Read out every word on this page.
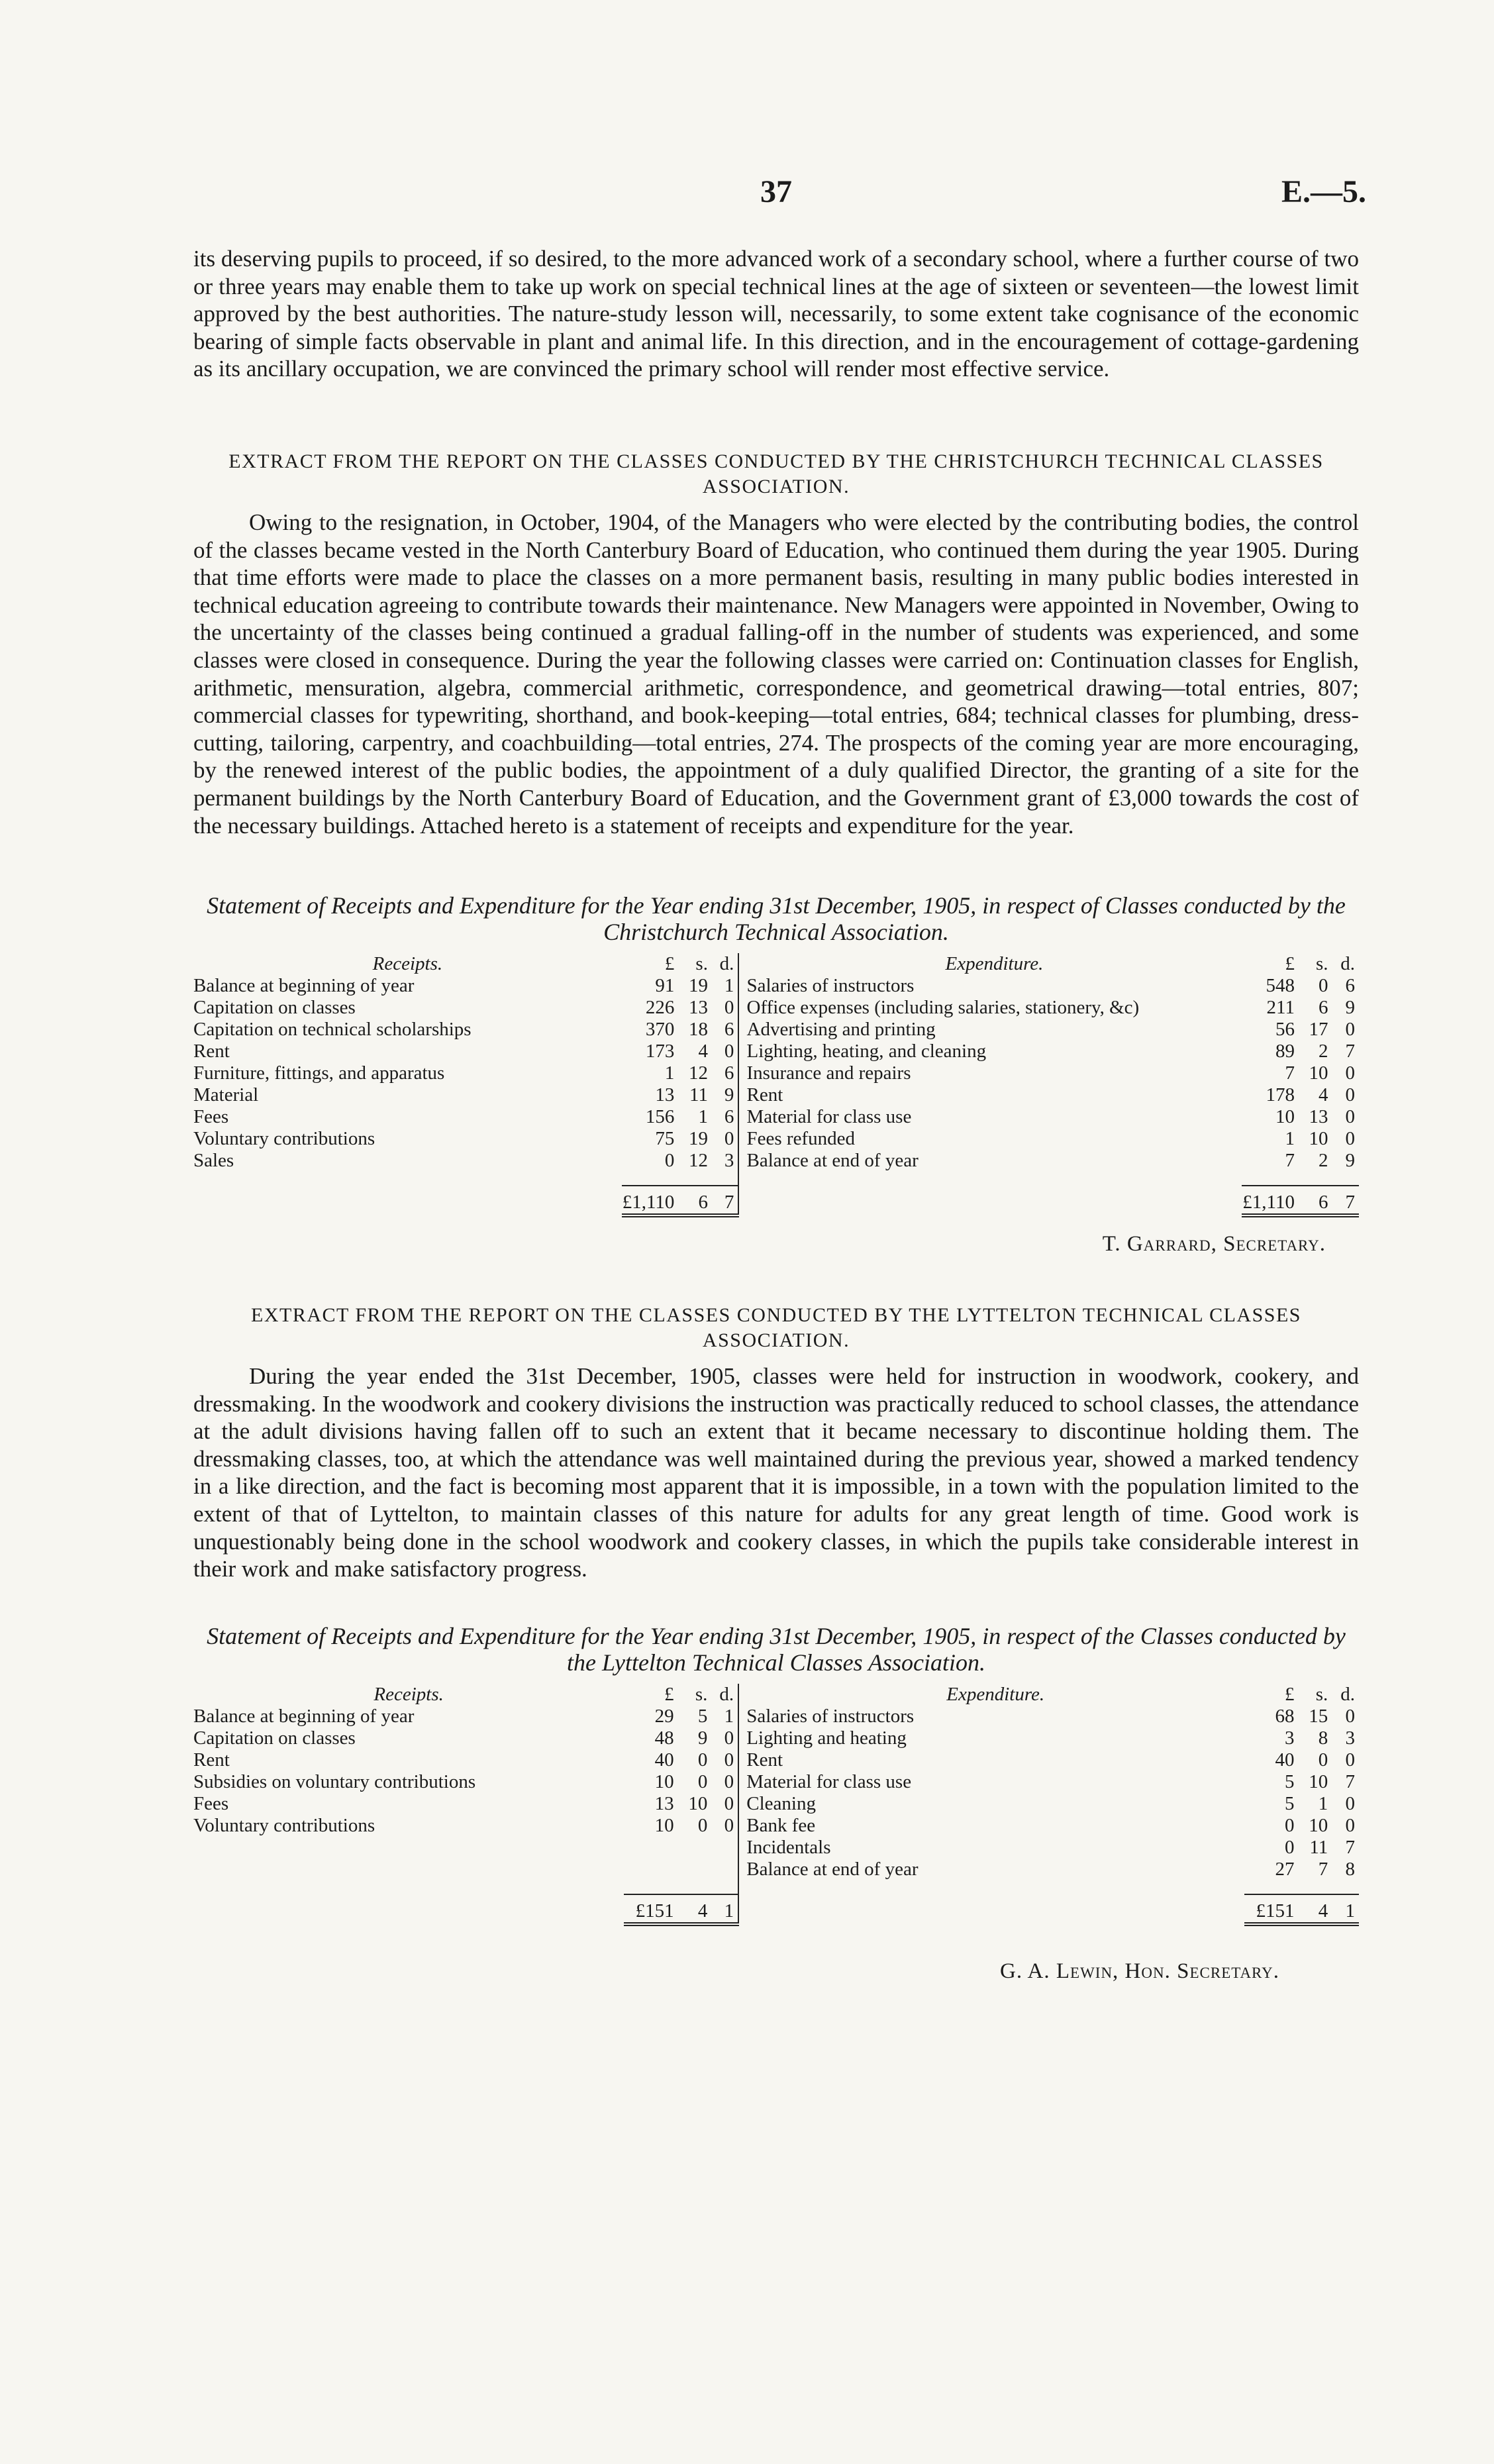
37	E.—5.

its deserving pupils to proceed, if so desired, to the more advanced work of a secondary school, where a further course of two or three years may enable them to take up work on special technical lines at the age of sixteen or seventeen—the lowest limit approved by the best authorities. The nature-study lesson will, necessarily, to some extent take cognisance of the economic bearing of simple facts observable in plant and animal life. In this direction, and in the encouragement of cottage-gardening as its ancillary occupation, we are convinced the primary school will render most effective service.

EXTRACT FROM THE REPORT ON THE CLASSES CONDUCTED BY THE CHRISTCHURCH TECHNICAL CLASSES ASSOCIATION.

Owing to the resignation, in October, 1904, of the Managers who were elected by the contributing bodies, the control of the classes became vested in the North Canterbury Board of Education, who continued them during the year 1905. During that time efforts were made to place the classes on a more permanent basis, resulting in many public bodies interested in technical education agreeing to contribute towards their maintenance. New Managers were appointed in November, Owing to the uncertainty of the classes being continued a gradual falling-off in the number of students was experienced, and some classes were closed in consequence. During the year the following classes were carried on: Continuation classes for English, arithmetic, mensuration, algebra, commercial arithmetic, correspondence, and geometrical drawing—total entries, 807; commercial classes for typewriting, shorthand, and book-keeping—total entries, 684; technical classes for plumbing, dress-cutting, tailoring, carpentry, and coachbuilding—total entries, 274. The prospects of the coming year are more encouraging, by the renewed interest of the public bodies, the appointment of a duly qualified Director, the granting of a site for the permanent buildings by the North Canterbury Board of Education, and the Government grant of £3,000 towards the cost of the necessary buildings. Attached hereto is a statement of receipts and expenditure for the year.

Statement of Receipts and Expenditure for the Year ending 31st December, 1905, in respect of Classes conducted by the Christchurch Technical Association.

Receipts.	£	s.	d.		Expenditure.	£	s.	d.
Balance at beginning of year	91	19	1		Salaries of instructors	548	0	6
Capitation on classes	226	13	0		Office expenses (including salaries, stationery, &c)	211	6	9
Capitation on technical scholarships	370	18	6		Advertising and printing	56	17	0
Rent	173	4	0		Lighting, heating, and cleaning	89	2	7
Furniture, fittings, and apparatus	1	12	6		Insurance and repairs	7	10	0
Material	13	11	9		Rent	178	4	0
Fees	156	1	6		Material for class use	10	13	0
Voluntary contributions	75	19	0		Fees refunded	1	10	0
Sales	0	12	3		Balance at end of year	7	2	9

	£1,110	6	7			£1,110	6	7

T. Garrard, Secretary.

EXTRACT FROM THE REPORT ON THE CLASSES CONDUCTED BY THE LYTTELTON TECHNICAL CLASSES ASSOCIATION.

During the year ended the 31st December, 1905, classes were held for instruction in woodwork, cookery, and dressmaking. In the woodwork and cookery divisions the instruction was practically reduced to school classes, the attendance at the adult divisions having fallen off to such an extent that it became necessary to discontinue holding them. The dressmaking classes, too, at which the attendance was well maintained during the previous year, showed a marked tendency in a like direction, and the fact is becoming most apparent that it is impossible, in a town with the population limited to the extent of that of Lyttelton, to maintain classes of this nature for adults for any great length of time. Good work is unquestionably being done in the school woodwork and cookery classes, in which the pupils take considerable interest in their work and make satisfactory progress.

Statement of Receipts and Expenditure for the Year ending 31st December, 1905, in respect of the Classes conducted by the Lyttelton Technical Classes Association.

Receipts.	£	s.	d.		Expenditure.	£	s.	d.
Balance at beginning of year	29	5	1		Salaries of instructors	68	15	0
Capitation on classes	48	9	0		Lighting and heating	3	8	3
Rent	40	0	0		Rent	40	0	0
Subsidies on voluntary contributions	10	0	0		Material for class use	5	10	7
Fees	13	10	0		Cleaning	5	1	0
Voluntary contributions	10	0	0		Bank fee	0	10	0
					Incidentals	0	11	7
					Balance at end of year	27	7	8

	£151	4	1			£151	4	1

G. A. Lewin, Hon. Secretary.
